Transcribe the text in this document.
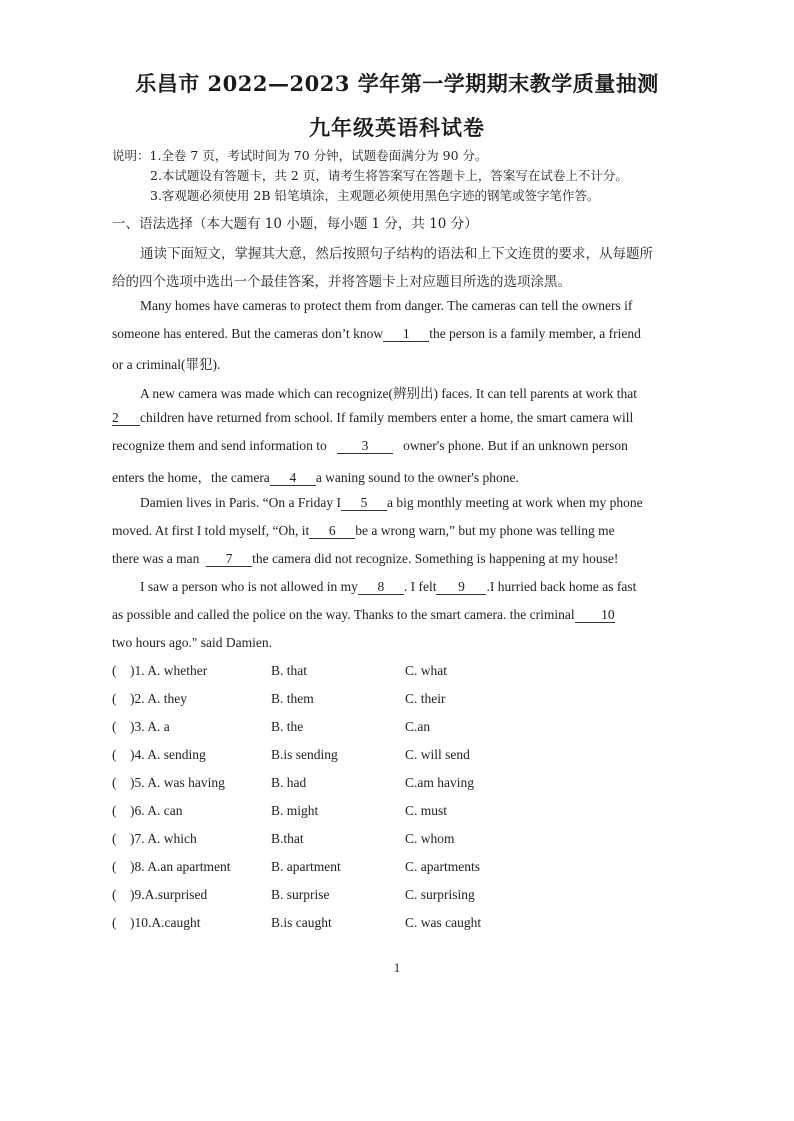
乐昌市 2022—2023 学年第一学期期末教学质量抽测
九年级英语科试卷
说明：1.全卷 7 页，考试时间为 70 分钟，试题卷面满分为 90 分。
2.本试题设有答题卡，共 2 页，请考生将答案写在答题卡上，答案写在试卷上不计分。
3.客观题必须使用 2B 铅笔填涂，主观题必须使用黑色字迹的钢笔或签字笔作答。
一、语法选择（本大题有 10 小题，每小题 1 分，共 10 分）
通读下面短文，掌握其大意，然后按照句子结构的语法和上下文连贯的要求，从每题所
给的四个选项中选出一个最佳答案，并将答题卡上对应题目所选的选项涂黑。
Many homes have cameras to protect them from danger. The cameras can tell the owners if
someone has entered. But the cameras don’t know 1 the person is a family member, a friend
or a criminal(罪犯).
A new camera was made which can recognize(辨别出) faces. It can tell parents at work that
2 children have returned from school. If family members enter a home, the smart camera will
recognize them and send information to	3	owner's phone. But if an unknown person
enters the home，the camera 4 a waning sound to the owner's phone.
Damien lives in Paris. “On a Friday I 5 a big monthly meeting at work when my phone
moved. At first I told myself, “Oh, it 6 be a wrong warn,” but my phone was telling me
there was a man 7 the camera did not recognize. Something is happening at my house!
I saw a person who is not allowed in my 8 . I felt 9 .I hurried back home as fast
as possible and called the police on the way. Thanks to the smart camera. the criminal 10
two hours ago." said Damien.
( )1. A. whether	B. that	C. what
( )2. A. they	B. them	C. their
( )3. A. a	B. the	C.an
( )4. A. sending	B.is sending	C. will send
( )5. A. was having	B. had	C.am having
( )6. A. can	B. might	C. must
( )7. A. which	B.that	C. whom
( )8. A.an apartment	B. apartment	C. apartments
( )9.A.surprised	B. surprise	C. surprising
( )10.A.caught	B.is caught	C. was caught
1
